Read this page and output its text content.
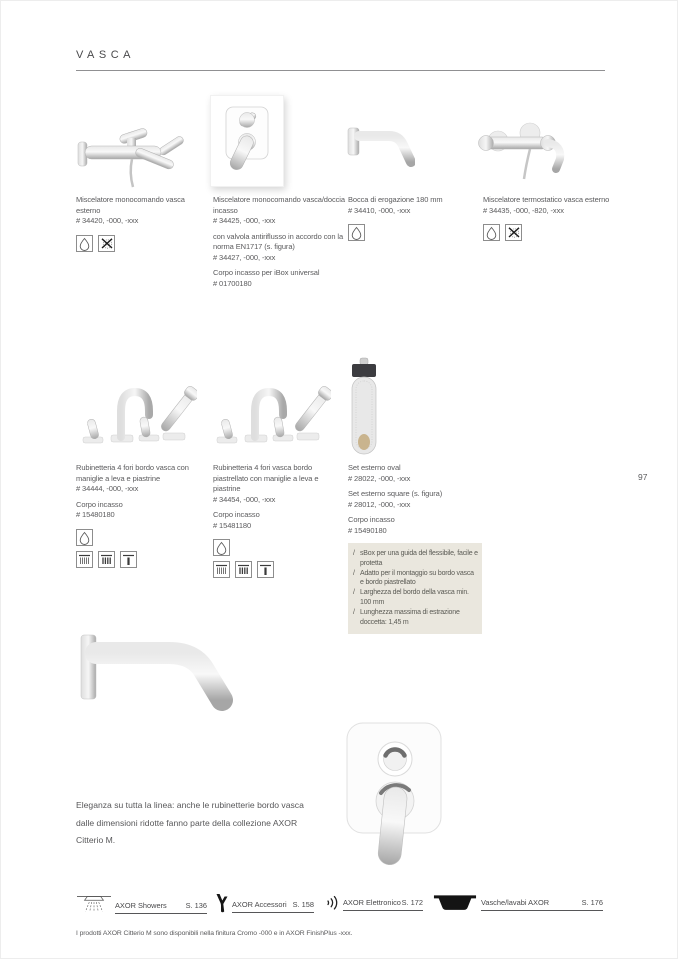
VASCA
97
Miscelatore monocomando vasca esterno
# 34420, -000, -xxx
Miscelatore monocomando vasca/doccia incasso
# 34425, -000, -xxx
con valvola antiriflusso in accordo con la norma EN1717 (s. figura)
# 34427, -000, -xxx
Corpo incasso per iBox universal
# 01700180
Bocca di erogazione 180 mm
# 34410, -000, -xxx
Miscelatore termostatico vasca esterno
# 34435, -000, -820, -xxx
Rubinetteria 4 fori bordo vasca con maniglie a leva e piastrine
# 34444, -000, -xxx
Corpo incasso
# 15480180
Rubinetteria 4 fori vasca bordo piastrellato con maniglie a leva e piastrine
# 34454, -000, -xxx
Corpo incasso
# 15481180
Set esterno oval
# 28022, -000, -xxx
Set esterno square (s. figura)
# 28012, -000, -xxx
Corpo incasso
# 15490180
/ sBox per una guida del flessibile, facile e protetta
/ Adatto per il montaggio su bordo vasca e bordo piastrellato
/ Larghezza del bordo della vasca min. 100 mm
/ Lunghezza massima di estrazione doccetta: 1,45 m
Eleganza su tutta la linea: anche le rubinetterie bordo vasca dalle dimensioni ridotte fanno parte della collezione AXOR Citterio M.
AXOR Showers	S. 136	AXOR Accessori S. 158	AXOR Elettronico S. 172	Vasche/lavabi AXOR	S. 176
I prodotti AXOR Citterio M sono disponibili nella finitura Cromo -000 e in AXOR FinishPlus -xxx.
